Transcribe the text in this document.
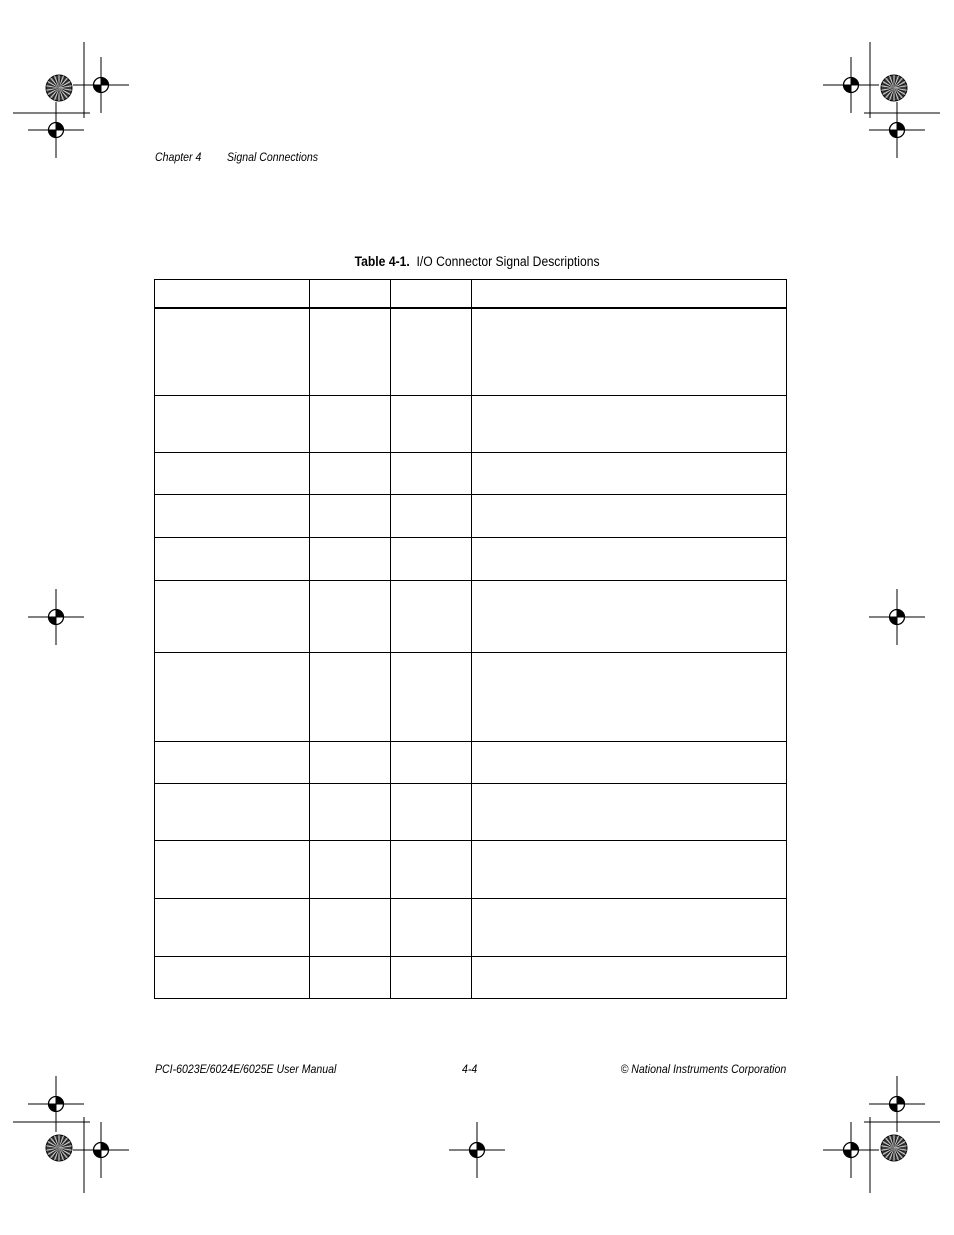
Chapter 4 Signal Connections
Table 4-1. I/O Connector Signal Descriptions
PCI-6023E/6024E/6025E User Manual	4-4	© National Instruments Corporation
